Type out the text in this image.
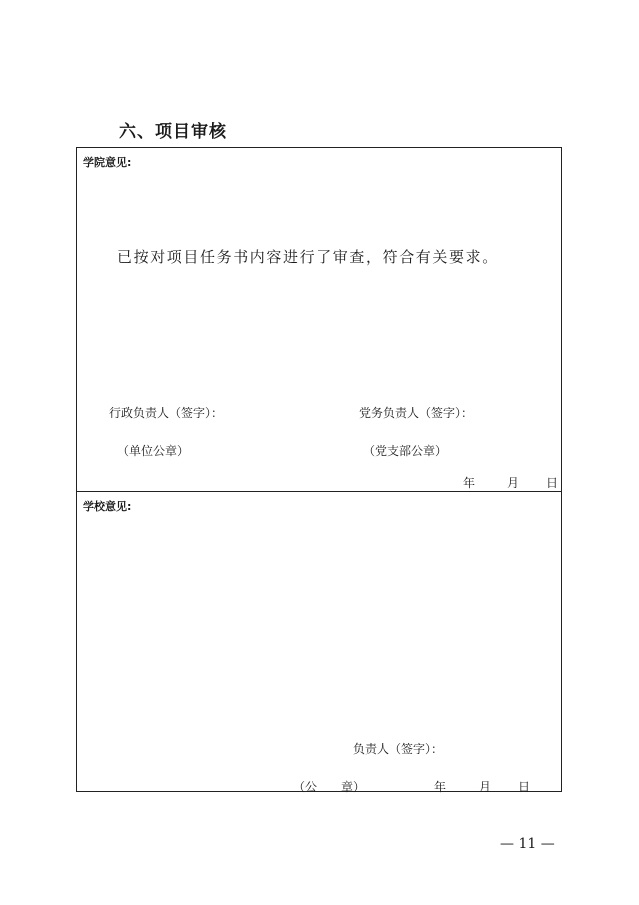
六、项目审核
学院意见:
已按对项目任务书内容进行了审查，符合有关要求。
行政负责人（签字）：	党务负责人（签字）：
（单位公章）	（党支部公章）
年	月 日
学校意见:
负责人（签字）：
（公　　章）	年	月 日
— 11 —
